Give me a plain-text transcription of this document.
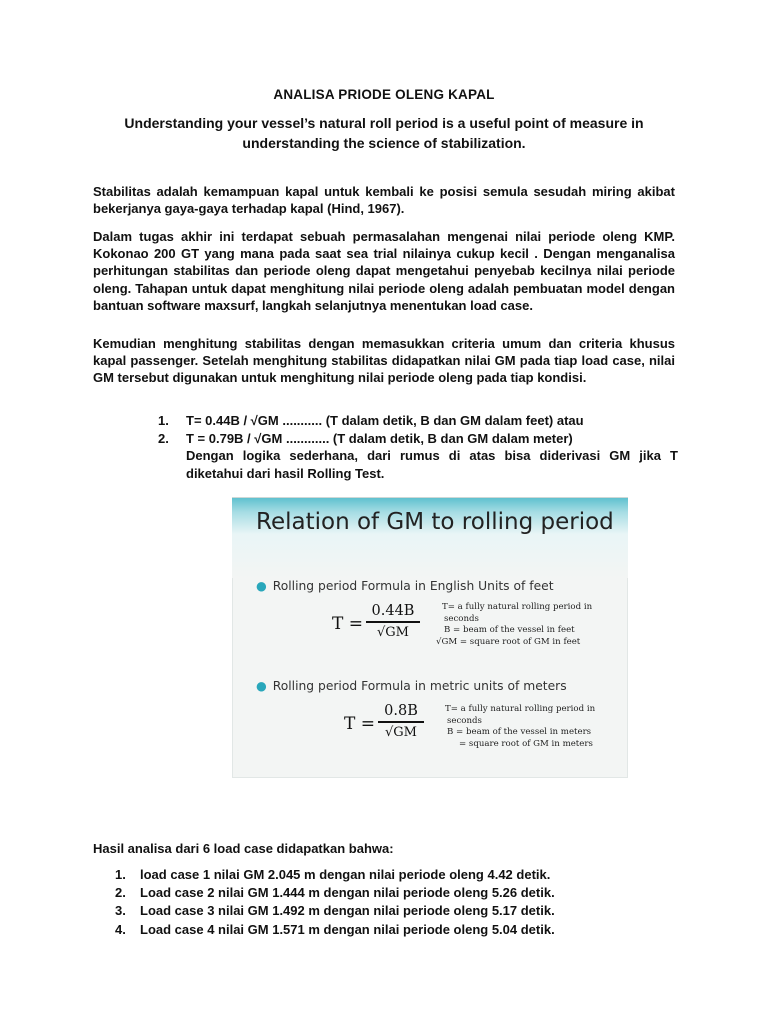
ANALISA PRIODE OLENG KAPAL
Understanding your vessel’s natural roll period is a useful point of measure in understanding the science of stabilization.
Stabilitas adalah kemampuan kapal untuk kembali ke posisi semula sesudah miring akibat bekerjanya gaya-gaya terhadap kapal (Hind, 1967).
Dalam tugas akhir ini terdapat sebuah permasalahan mengenai nilai periode oleng KMP. Kokonao 200 GT yang mana pada saat sea trial nilainya cukup kecil . Dengan menganalisa perhitungan stabilitas dan periode oleng dapat mengetahui penyebab kecilnya nilai periode oleng. Tahapan untuk dapat menghitung nilai periode oleng adalah pembuatan model dengan bantuan software maxsurf, langkah selanjutnya menentukan load case.
Kemudian menghitung stabilitas dengan memasukkan criteria umum dan criteria khusus kapal passenger. Setelah menghitung stabilitas didapatkan nilai GM pada tiap load case, nilai GM tersebut digunakan untuk menghitung nilai periode oleng pada tiap kondisi.
1. T= 0.44B / √GM ........... (T dalam detik, B dan GM dalam feet) atau
2. T = 0.79B / √GM ............ (T dalam detik, B dan GM dalam meter)
Dengan logika sederhana, dari rumus di atas bisa diderivasi GM jika T diketahui dari hasil Rolling Test.
Relation of GM to rolling period
● Rolling period Formula in English Units of feet
T =
0.44B
√GM
T= a fully natural rolling period in
seconds
B = beam of the vessel in feet
√GM = square root of GM in feet
● Rolling period Formula in metric units of meters
T =
0.8B
√GM
T= a fully natural rolling period in
seconds
B = beam of the vessel in meters
= square root of GM in meters
Hasil analisa dari 6 load case didapatkan bahwa:
1. load case 1 nilai GM 2.045 m dengan nilai periode oleng 4.42 detik.
2. Load case 2 nilai GM 1.444 m dengan nilai periode oleng 5.26 detik.
3. Load case 3 nilai GM 1.492 m dengan nilai periode oleng 5.17 detik.
4. Load case 4 nilai GM 1.571 m dengan nilai periode oleng 5.04 detik.
